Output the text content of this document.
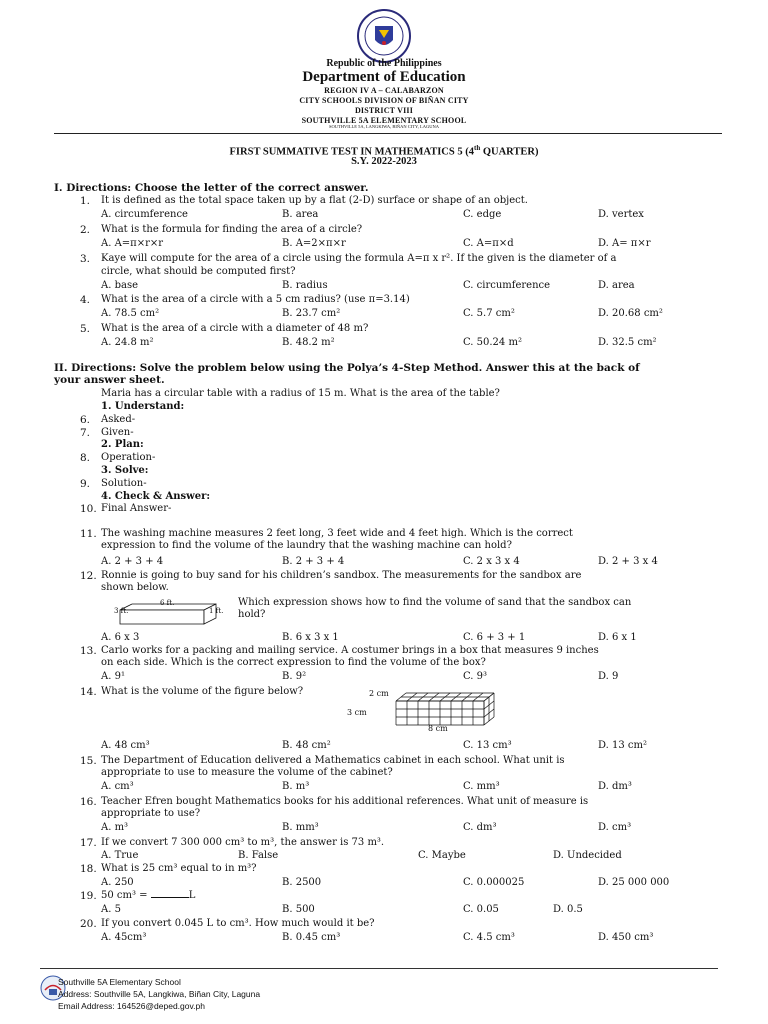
Republic of the Philippines
Department of Education
REGION IV A – CALABARZON
CITY SCHOOLS DIVISION OF BIÑAN CITY
DISTRICT VIII
SOUTHVILLE 5A ELEMENTARY SCHOOL
SOUTHVILLE 5A, LANGKIWA, BIÑAN CITY, LAGUNA
FIRST SUMMATIVE TEST IN MATHEMATICS 5 (4th QUARTER)
S.Y. 2022-2023
I. Directions: Choose the letter of the correct answer.
1. It is defined as the total space taken up by a flat (2-D) surface or shape of an object.
A. circumference	B. area	C. edge	D. vertex
2. What is the formula for finding the area of a circle?
A. A=π×r×r	B. A=2×π×r	C. A=π×d	D. A= π×r
3. Kaye will compute for the area of a circle using the formula A=π x r². If the given is the diameter of a
circle, what should be computed first?
A. base	B. radius	C. circumference	D. area
4. What is the area of a circle with a 5 cm radius? (use π=3.14)
A. 78.5 cm²	B. 23.7 cm²	C. 5.7 cm²	D. 20.68 cm²
5. What is the area of a circle with a diameter of 48 m?
A. 24.8 m²	B. 48.2 m²	C. 50.24 m²	D. 32.5 cm²
II. Directions: Solve the problem below using the Polya’s 4-Step Method. Answer this at the back of
your answer sheet.
Maria has a circular table with a radius of 15 m. What is the area of the table?
1. Understand:
6. Asked-
7. Given-
2. Plan:
8. Operation-
3. Solve:
9. Solution-
4. Check & Answer:
10. Final Answer-
11. The washing machine measures 2 feet long, 3 feet wide and 4 feet high. Which is the correct
expression to find the volume of the laundry that the washing machine can hold?
A. 2 + 3 + 4	B. 2 + 3 + 4	C. 2 x 3 x 4	D. 2 + 3 x 4
12. Ronnie is going to buy sand for his children’s sandbox. The measurements for the sandbox are
shown below.
A. 6 x 3	B. 6 x 3 x 1	C. 6 + 3 + 1	D. 6 x 1
Which expression shows how to find the volume of sand that the sandbox can
hold?
13. Carlo works for a packing and mailing service. A costumer brings in a box that measures 9 inches
on each side. Which is the correct expression to find the volume of the box?
A. 9¹	B. 9²	C. 9³	D. 9
14. What is the volume of the figure below?
A. 48 cm³	B. 48 cm²	C. 13 cm³	D. 13 cm²
15. The Department of Education delivered a Mathematics cabinet in each school. What unit is
appropriate to use to measure the volume of the cabinet?
A. cm³	B. m³	C. mm³	D. dm³
16. Teacher Efren bought Mathematics books for his additional references. What unit of measure is
appropriate to use?
A. m³	B. mm³	C. dm³	D. cm³
17. If we convert 7 300 000 cm³ to m³, the answer is 73 m³.
A. True	B. False	C. Maybe	D. Undecided
18. What is 25 cm³ equal to in m³?
A. 250	B. 2500	C. 0.000025	D. 25 000 000
19. 50 cm³ =	L
A. 5	B. 500	C. 0.05	D. 0.5
20. If you convert 0.045 L to cm³. How much would it be?
A. 45cm³	B. 0.45 cm³	C. 4.5 cm³	D. 450 cm³
6 ft.
3 ft.	1 ft.
2 cm
3 cm
8 cm
Southville 5A Elementary School
Address: Southville 5A, Langkiwa, Biñan City, Laguna
Email Address: 164526@deped.gov.ph
